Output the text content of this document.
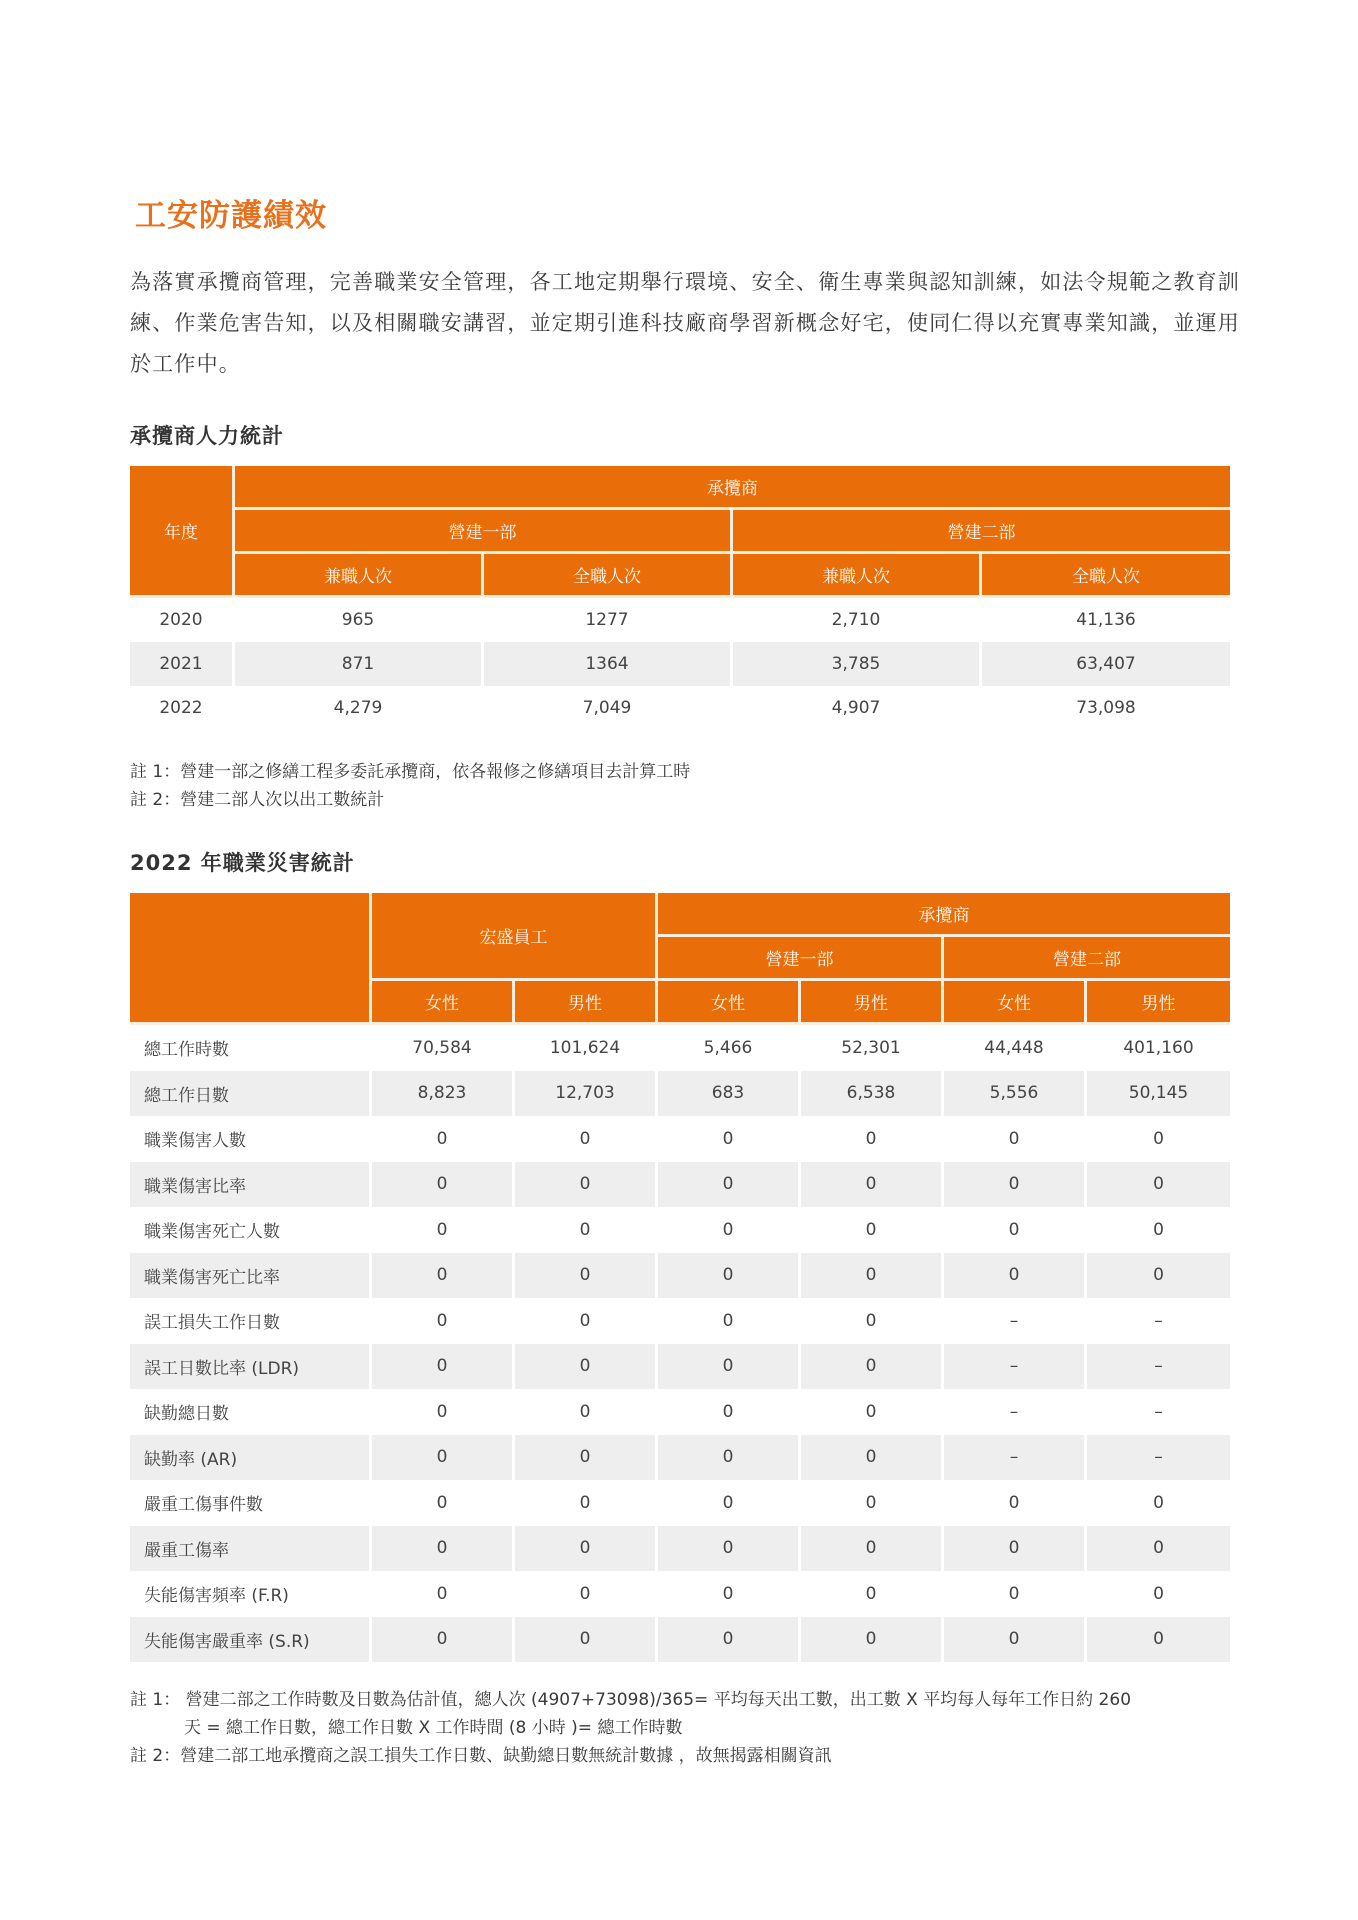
工安防護績效

為落實承攬商管理，完善職業安全管理，各工地定期舉行環境、安全、衛生專業與認知訓練，如法令規範之教育訓練、作業危害告知，以及相關職安講習，並定期引進科技廠商學習新概念好宅，使同仁得以充實專業知識，並運用於工作中。

承攬商人力統計
年度	承攬商			
	營建一部		營建二部	
	兼職人次	全職人次	兼職人次	全職人次
2020	965	1277	2,710	41,136
2021	871	1364	3,785	63,407
2022	4,279	7,049	4,907	73,098
註 1：營建一部之修繕工程多委託承攬商，依各報修之修繕項目去計算工時
註 2：營建二部人次以出工數統計
2022 年職業災害統計
	宏盛員工		承攬商			
			營建一部		營建二部	
	女性	男性	女性	男性	女性	男性
總工作時數	70,584	101,624	5,466	52,301	44,448	401,160
總工作日數	8,823	12,703	683	6,538	5,556	50,145
職業傷害人數	0	0	0	0	0	0
職業傷害比率	0	0	0	0	0	0
職業傷害死亡人數	0	0	0	0	0	0
職業傷害死亡比率	0	0	0	0	0	0
誤工損失工作日數	0	0	0	0	–	–
誤工日數比率 (LDR)	0	0	0	0	–	–
缺勤總日數	0	0	0	0	–	–
缺勤率 (AR)	0	0	0	0	–	–
嚴重工傷事件數	0	0	0	0	0	0
嚴重工傷率	0	0	0	0	0	0
失能傷害頻率 (F.R)	0	0	0	0	0	0
失能傷害嚴重率 (S.R)	0	0	0	0	0	0
註 1： 營建二部之工作時數及日數為估計值，總人次 (4907+73098)/365= 平均每天出工數，出工數 X 平均每人每年工作日約 260
天 = 總工作日數，總工作日數 X 工作時間 (8 小時 )= 總工作時數
註 2：營建二部工地承攬商之誤工損失工作日數、缺勤總日數無統計數據 ，故無揭露相關資訊
